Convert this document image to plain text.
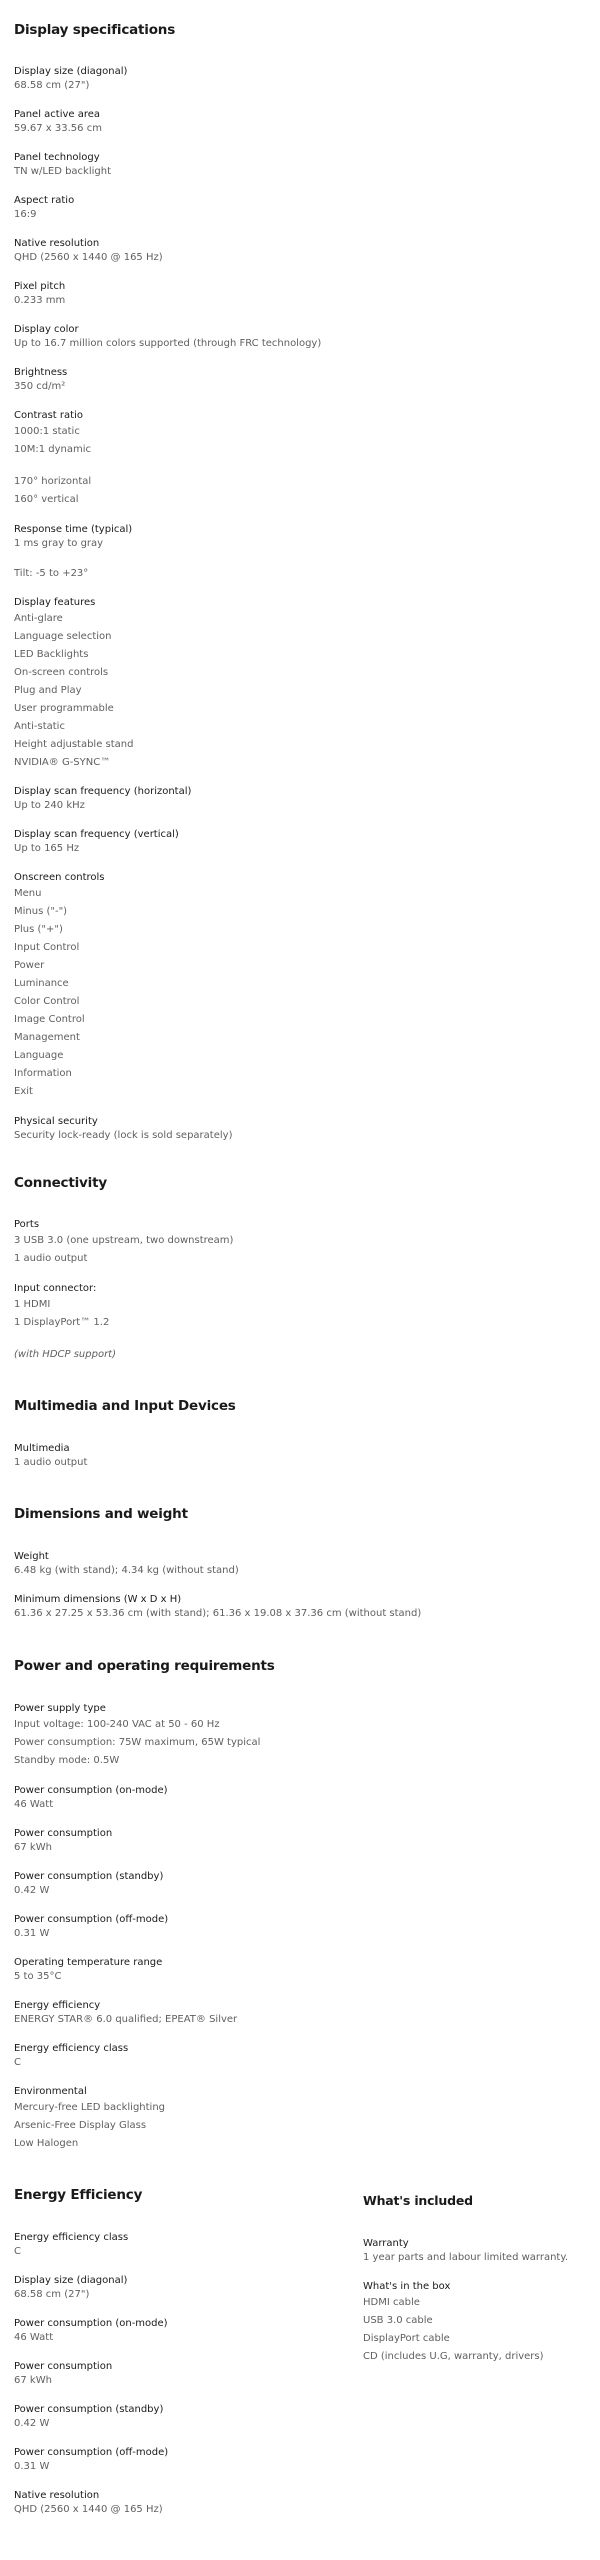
Display specifications
Display size (diagonal)
68.58 cm (27")
Panel active area
59.67 x 33.56 cm
Panel technology
TN w/LED backlight
Aspect ratio
16:9
Native resolution
QHD (2560 x 1440 @ 165 Hz)
Pixel pitch
0.233 mm
Display color
Up to 16.7 million colors supported (through FRC technology)
Brightness
350 cd/m²
Contrast ratio
1000:1 static
10M:1 dynamic
170° horizontal
160° vertical
Response time (typical)
1 ms gray to gray
Tilt: -5 to +23°
Display features
Anti-glare
Language selection
LED Backlights
On-screen controls
Plug and Play
User programmable
Anti-static
Height adjustable stand
NVIDIA® G-SYNC™
Display scan frequency (horizontal)
Up to 240 kHz
Display scan frequency (vertical)
Up to 165 Hz
Onscreen controls
Menu
Minus ("-")
Plus ("+")
Input Control
Power
Luminance
Color Control
Image Control
Management
Language
Information
Exit
Physical security
Security lock-ready (lock is sold separately)
Connectivity
Ports
3 USB 3.0 (one upstream, two downstream)
1 audio output
Input connector:
1 HDMI
1 DisplayPort™ 1.2
(with HDCP support)
Multimedia and Input Devices
Multimedia
1 audio output
Dimensions and weight
Weight
6.48 kg (with stand); 4.34 kg (without stand)
Minimum dimensions (W x D x H)
61.36 x 27.25 x 53.36 cm (with stand); 61.36 x 19.08 x 37.36 cm (without stand)
Power and operating requirements
Power supply type
Input voltage: 100-240 VAC at 50 - 60 Hz
Power consumption: 75W maximum, 65W typical
Standby mode: 0.5W
Power consumption (on-mode)
46 Watt
Power consumption
67 kWh
Power consumption (standby)
0.42 W
Power consumption (off-mode)
0.31 W
Operating temperature range
5 to 35°C
Energy efficiency
ENERGY STAR® 6.0 qualified; EPEAT® Silver
Energy efficiency class
C
Environmental
Mercury-free LED backlighting
Arsenic-Free Display Glass
Low Halogen
Energy Efficiency
Energy efficiency class
C
Display size (diagonal)
68.58 cm (27")
Power consumption (on-mode)
46 Watt
Power consumption
67 kWh
Power consumption (standby)
0.42 W
Power consumption (off-mode)
0.31 W
Native resolution
QHD (2560 x 1440 @ 165 Hz)
What's included
Warranty
1 year parts and labour limited warranty.
What's in the box
HDMI cable
USB 3.0 cable
DisplayPort cable
CD (includes U.G, warranty, drivers)
